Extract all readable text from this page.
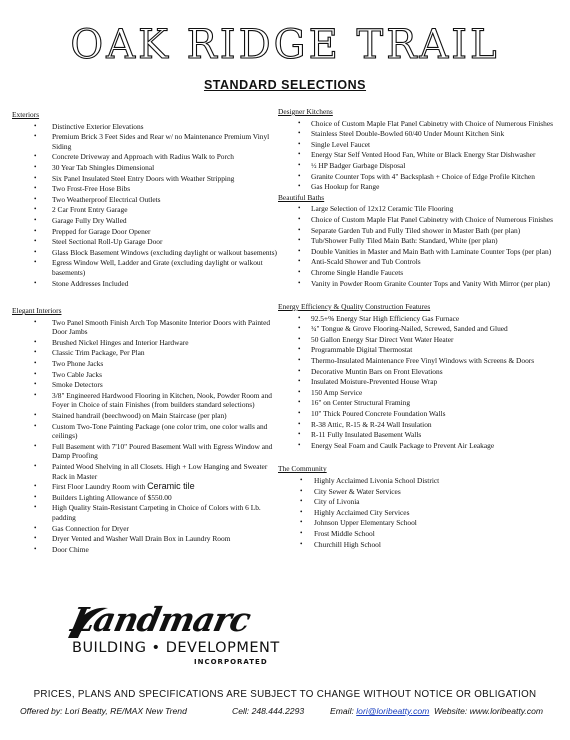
OAK RIDGE TRAIL
STANDARD SELECTIONS
Exteriors
• Distinctive Exterior Elevations
• Premium Brick 3 Feet Sides and Rear w/ no Maintenance Premium Vinyl Siding
• Concrete Driveway and Approach with Radius Walk to Porch
• 30 Year Tab Shingles Dimensional
• Six Panel Insulated Steel Entry Doors with Weather Stripping
• Two Frost-Free Hose Bibs
• Two Weatherproof Electrical Outlets
• 2 Car Front Entry Garage
• Garage Fully Dry Walled
• Prepped for Garage Door Opener
• Steel Sectional Roll-Up Garage Door
• Glass Block Basement Windows (excluding daylight or walkout basements)
• Egress Window Well, Ladder and Grate (excluding daylight or walkout basements)
• Stone Addresses Included
Elegant Interiors
• Two Panel Smooth Finish Arch Top Masonite Interior Doors with Painted Door Jambs
• Brushed Nickel Hinges and Interior Hardware
• Classic Trim Package, Per Plan
• Two Phone Jacks
• Two Cable Jacks
• Smoke Detectors
• 3/8" Engineered Hardwood Flooring in Kitchen, Nook, Powder Room and Foyer in Choice of stain Finishes (from builders standard selections)
• Stained handrail (beechwood) on Main Staircase (per plan)
• Custom Two-Tone Painting Package (one color trim, one color walls and ceilings)
• Full Basement with 7'10" Poured Basement Wall with Egress Window and Damp Proofing
• Painted Wood Shelving in all Closets. High + Low Hanging and Sweater Rack in Master
• First Floor Laundry Room with Ceramic tile
• Builders Lighting Allowance of $550.00
• High Quality Stain-Resistant Carpeting in Choice of Colors with 6 Lb. padding
• Gas Connection for Dryer
• Dryer Vented and Washer Wall Drain Box in Laundry Room
• Door Chime
Designer Kitchens
• Choice of Custom Maple Flat Panel Cabinetry with Choice of Numerous Finishes
• Stainless Steel Double-Bowled 60/40 Under Mount Kitchen Sink
• Single Level Faucet
• Energy Star Self Vented Hood Fan, White or Black Energy Star Dishwasher
• ½ HP Badger Garbage Disposal
• Granite Counter Tops with 4" Backsplash + Choice of Edge Profile Kitchen
• Gas Hookup for Range
Beautiful Baths
• Large Selection of 12x12 Ceramic Tile Flooring
• Choice of Custom Maple Flat Panel Cabinetry with Choice of Numerous Finishes
• Separate Garden Tub and Fully Tiled shower in Master Bath (per plan)
• Tub/Shower Fully Tiled Main Bath: Standard, White (per plan)
• Double Vanities in Master and Main Bath with Laminate Counter Tops (per plan)
• Anti-Scald Shower and Tub Controls
• Chrome Single Handle Faucets
• Vanity in Powder Room Granite Counter Tops and Vanity With Mirror (per plan)
Energy Efficiency & Quality Construction Features
• 92.5+% Energy Star High Efficiency Gas Furnace
• ¾" Tongue & Grove Flooring-Nailed, Screwed, Sanded and Glued
• 50 Gallon Energy Star Direct Vent Water Heater
• Programmable Digital Thermostat
• Thermo-Insulated Maintenance Free Vinyl Windows with Screens & Doors
• Decorative Muntin Bars on Front Elevations
• Insulated Moisture-Prevented House Wrap
• 150 Amp Service
• 16" on Center Structural Framing
• 10" Thick Poured Concrete Foundation Walls
• R-38 Attic, R-15 & R-24 Wall Insulation
• R-11 Fully Insulated Basement Walls
• Energy Seal Foam and Caulk Package to Prevent Air Leakage
The Community
• Highly Acclaimed Livonia School District
• City Sewer & Water Services
• City of Livonia
• Highly Acclaimed City Services
• Johnson Upper Elementary School
• Frost Middle School
• Churchill High School
Landmarc
BUILDING • DEVELOPMENT
INCORPORATED
PRICES, PLANS AND SPECIFICATIONS ARE SUBJECT TO CHANGE WITHOUT NOTICE OR OBLIGATION
Offered by: Lori Beatty, RE/MAX New Trend	Cell: 248.444.2293	Email: lori@loribeatty.com Website: www.loribeatty.com
